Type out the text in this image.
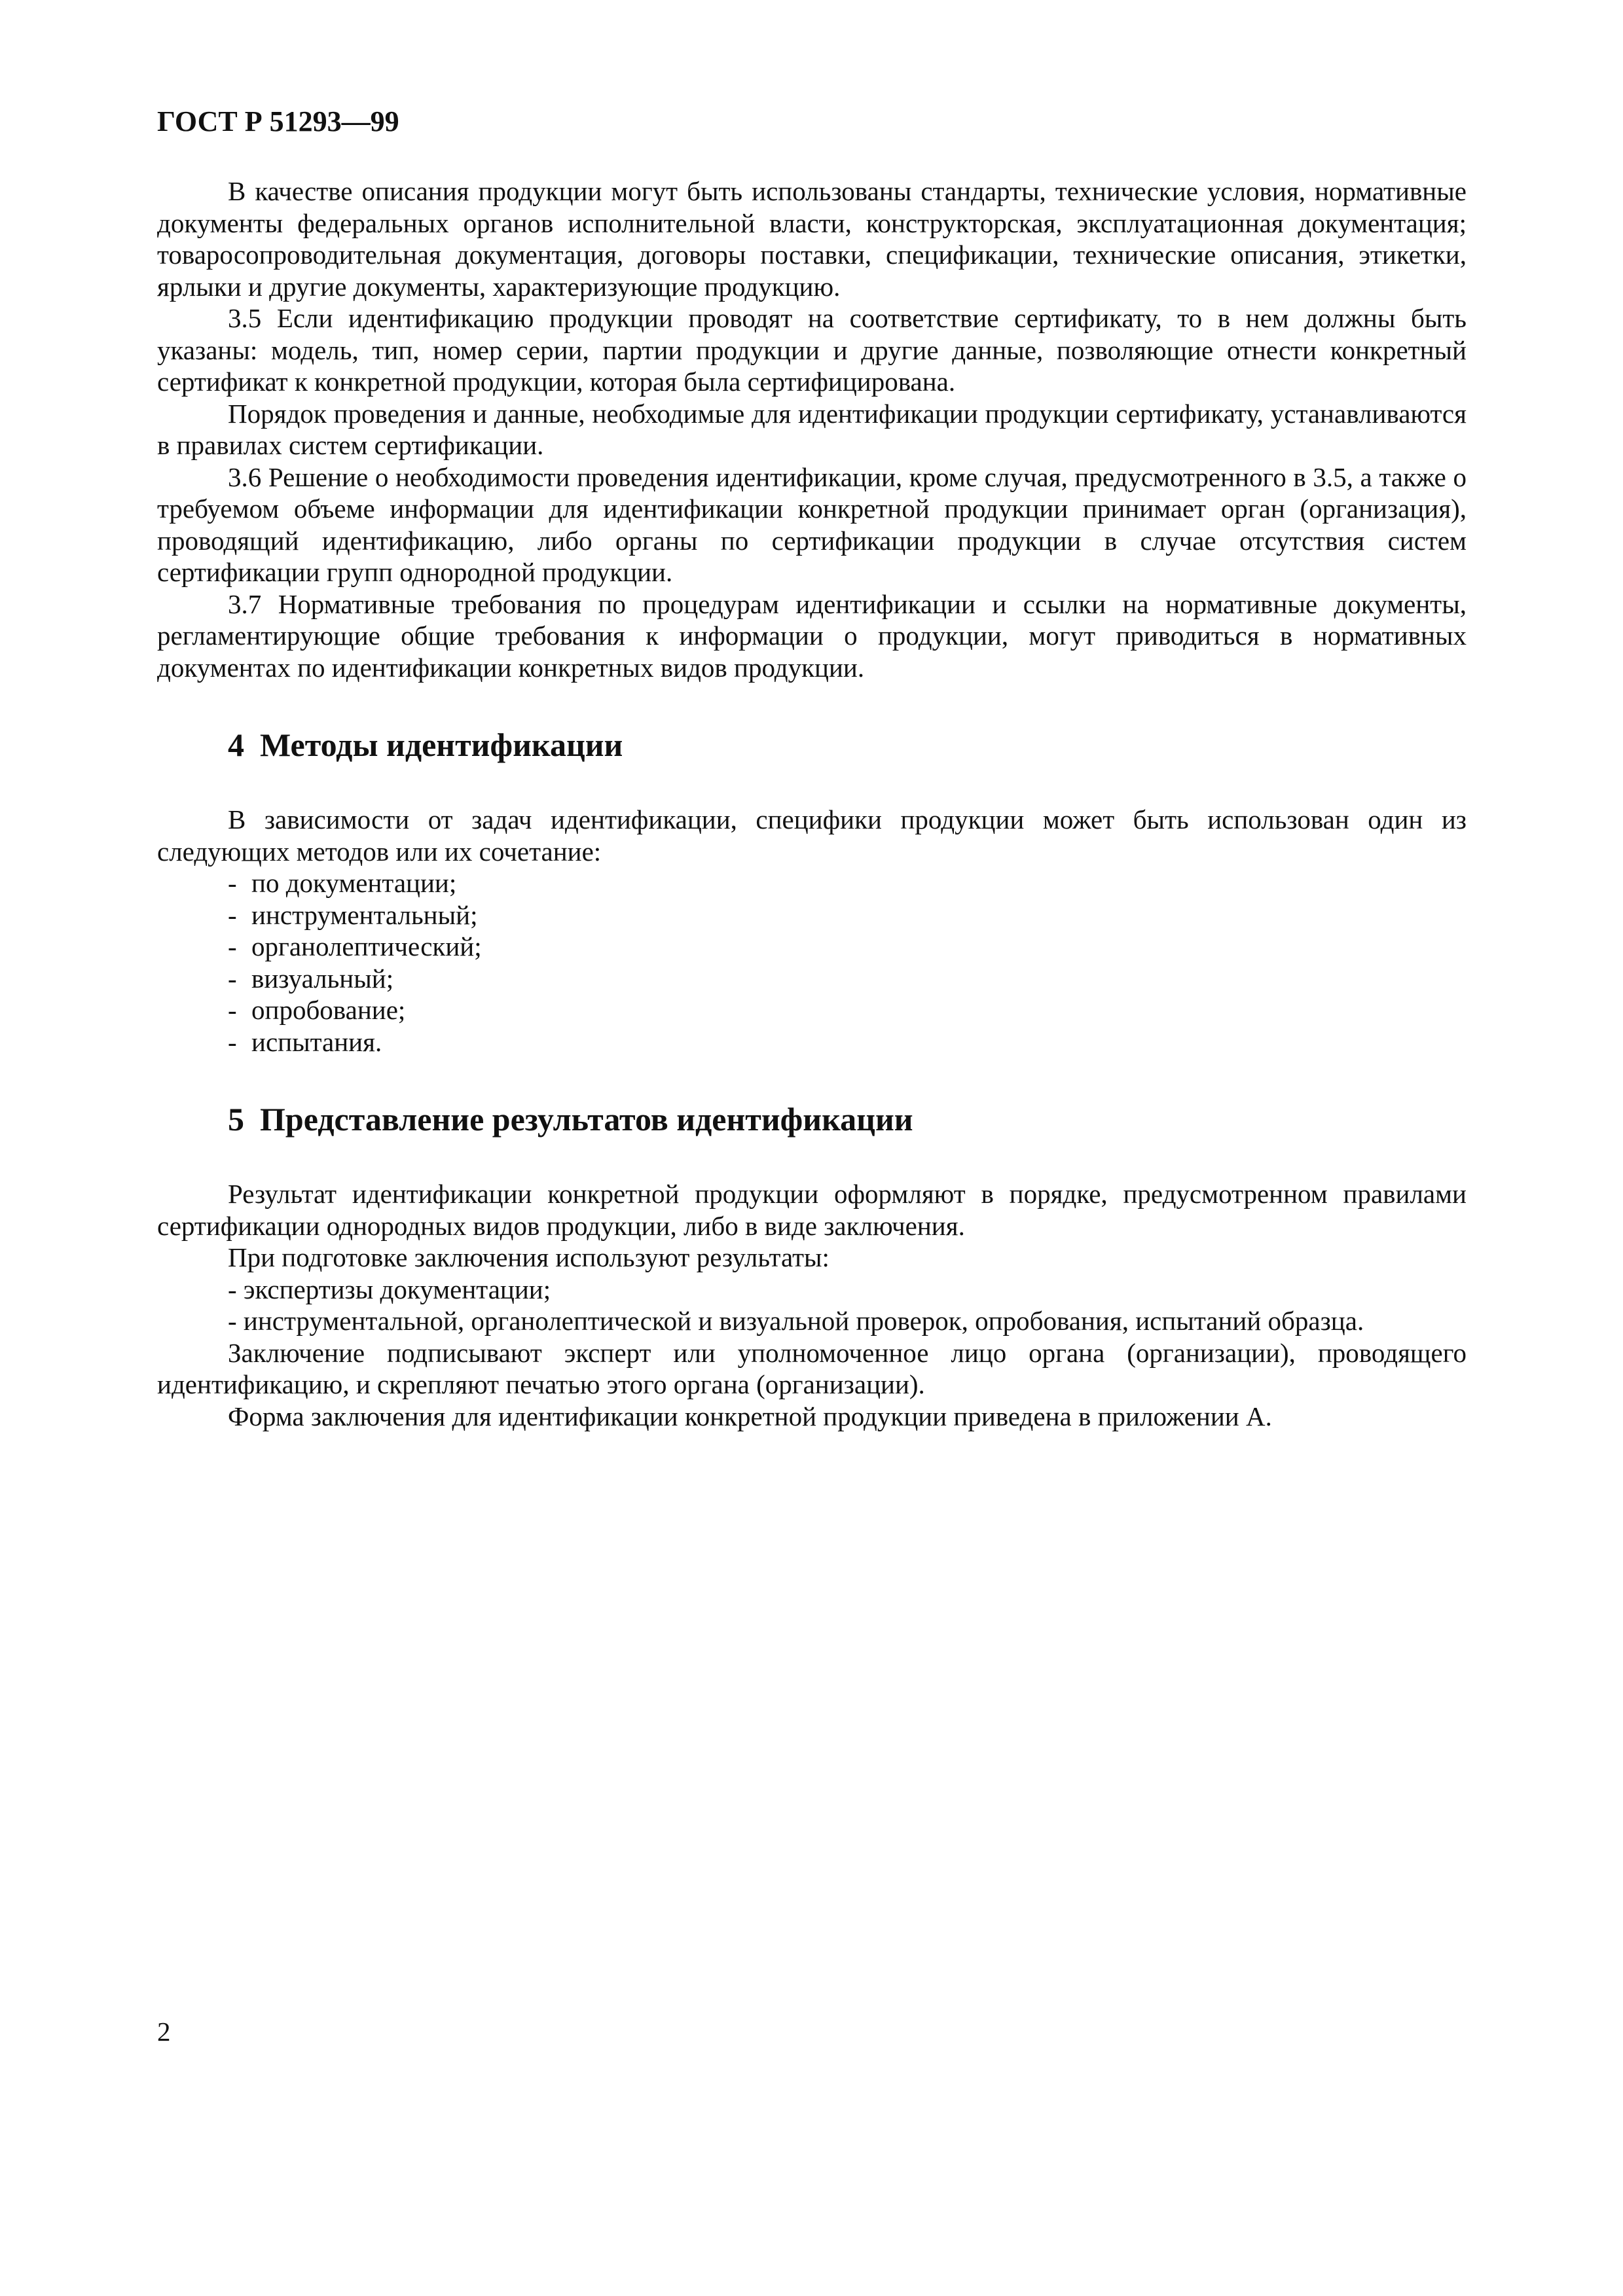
ГОСТ Р 51293—99

В качестве описания продукции могут быть использованы стандарты, технические условия, нормативные документы федеральных органов исполнительной власти, конструкторская, эксплуатационная документация; товаросопроводительная документация, договоры поставки, спецификации, технические описания, этикетки, ярлыки и другие документы, характеризующие продукцию.

3.5 Если идентификацию продукции проводят на соответствие сертификату, то в нем должны быть указаны: модель, тип, номер серии, партии продукции и другие данные, позволяющие отнести конкретный сертификат к конкретной продукции, которая была сертифицирована.

Порядок проведения и данные, необходимые для идентификации продукции сертификату, устанавливаются в правилах систем сертификации.

3.6 Решение о необходимости проведения идентификации, кроме случая, предусмотренного в 3.5, а также о требуемом объеме информации для идентификации конкретной продукции принимает орган (организация), проводящий идентификацию, либо органы по сертификации продукции в случае отсутствия систем сертификации групп однородной продукции.

3.7 Нормативные требования по процедурам идентификации и ссылки на нормативные документы, регламентирующие общие требования к информации о продукции, могут приводиться в нормативных документах по идентификации конкретных видов продукции.

4 Методы идентификации

В зависимости от задач идентификации, специфики продукции может быть использован один из следующих методов или их сочетание:

- по документации;
- инструментальный;
- органолептический;
- визуальный;
- опробование;
- испытания.
5 Представление результатов идентификации

Результат идентификации конкретной продукции оформляют в порядке, предусмотренном правилами сертификации однородных видов продукции, либо в виде заключения.

При подготовке заключения используют результаты:

- экспертизы документации;

- инструментальной, органолептической и визуальной проверок, опробования, испытаний образца.

Заключение подписывают эксперт или уполномоченное лицо органа (организации), проводящего идентификацию, и скрепляют печатью этого органа (организации).

Форма заключения для идентификации конкретной продукции приведена в приложении А.

2
